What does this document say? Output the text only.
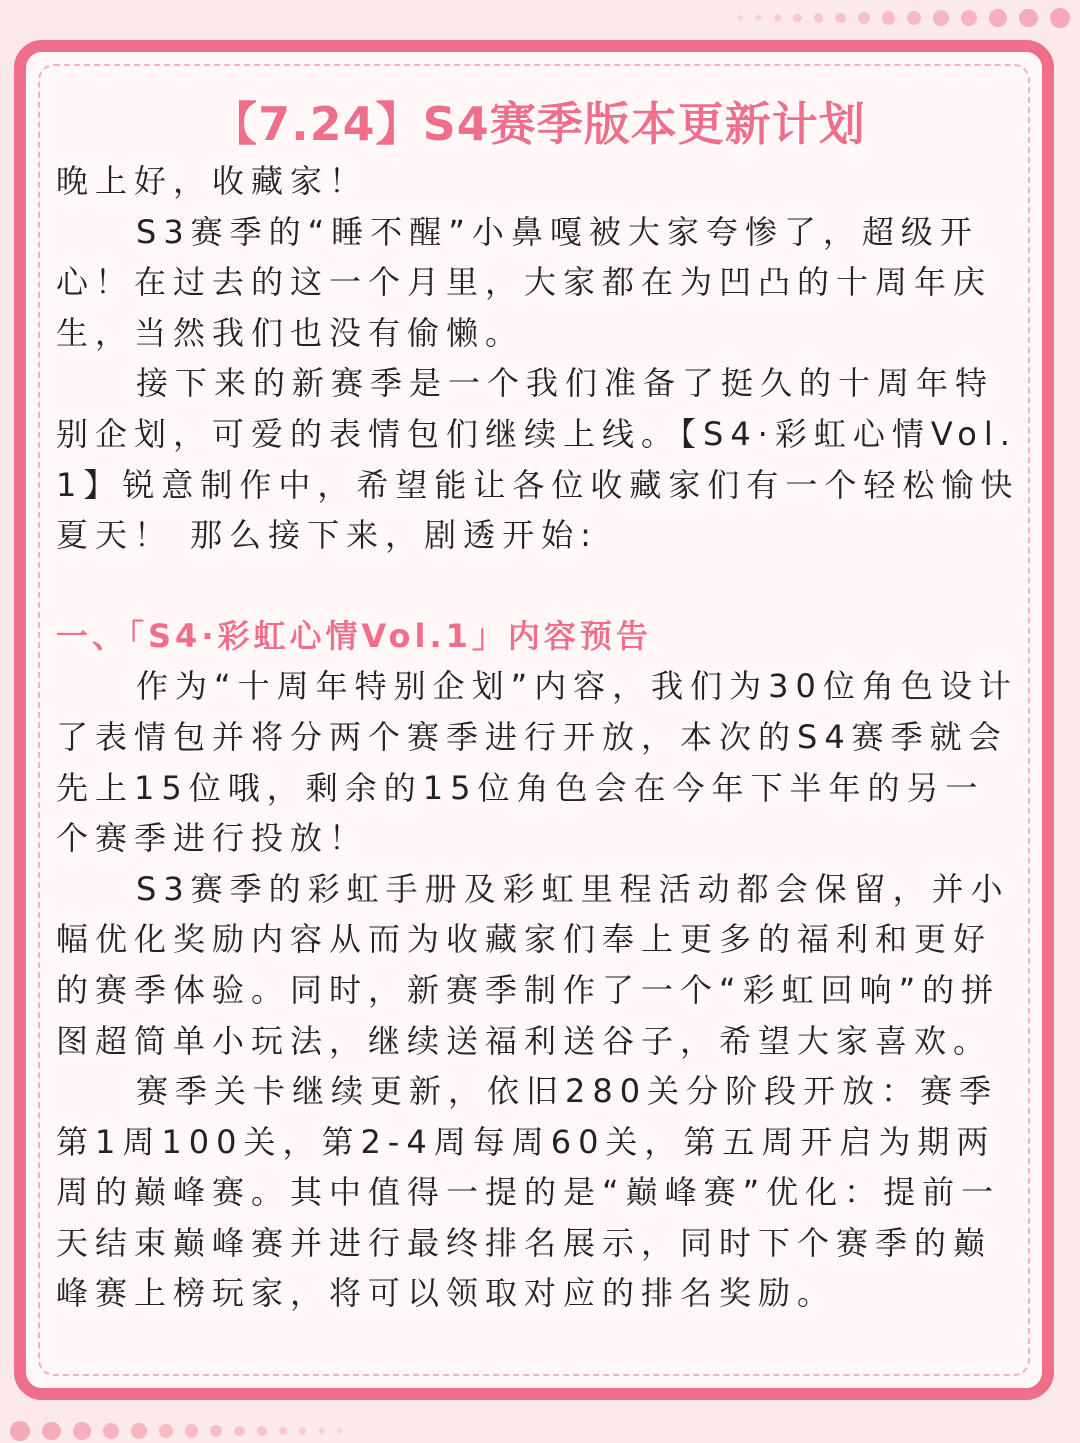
【7.24】S4赛季版本更新计划

晚上好，收藏家！

S3赛季的“睡不醒”小鼻嘎被大家夸惨了，超级开心！在过去的这一个月里，大家都在为凹凸的十周年庆生，当然我们也没有偷懒。

接下来的新赛季是一个我们准备了挺久的十周年特别企划，可爱的表情包们继续上线。【S4·彩虹心情Vol.1】锐意制作中，希望能让各位收藏家们有一个轻松愉快夏天！ 那么接下来，剧透开始:

一、「S4·彩虹心情Vol.1」内容预告

作为“十周年特别企划”内容，我们为30位角色设计了表情包并将分两个赛季进行开放，本次的S4赛季就会先上15位哦，剩余的15位角色会在今年下半年的另一个赛季进行投放！

S3赛季的彩虹手册及彩虹里程活动都会保留，并小幅优化奖励内容从而为收藏家们奉上更多的福利和更好的赛季体验。同时，新赛季制作了一个“彩虹回响”的拼图超简单小玩法，继续送福利送谷子，希望大家喜欢。

赛季关卡继续更新，依旧280关分阶段开放：赛季第1周100关，第2-4周每周60关，第五周开启为期两周的巅峰赛。其中值得一提的是“巅峰赛”优化：提前一天结束巅峰赛并进行最终排名展示，同时下个赛季的巅峰赛上榜玩家，将可以领取对应的排名奖励。
